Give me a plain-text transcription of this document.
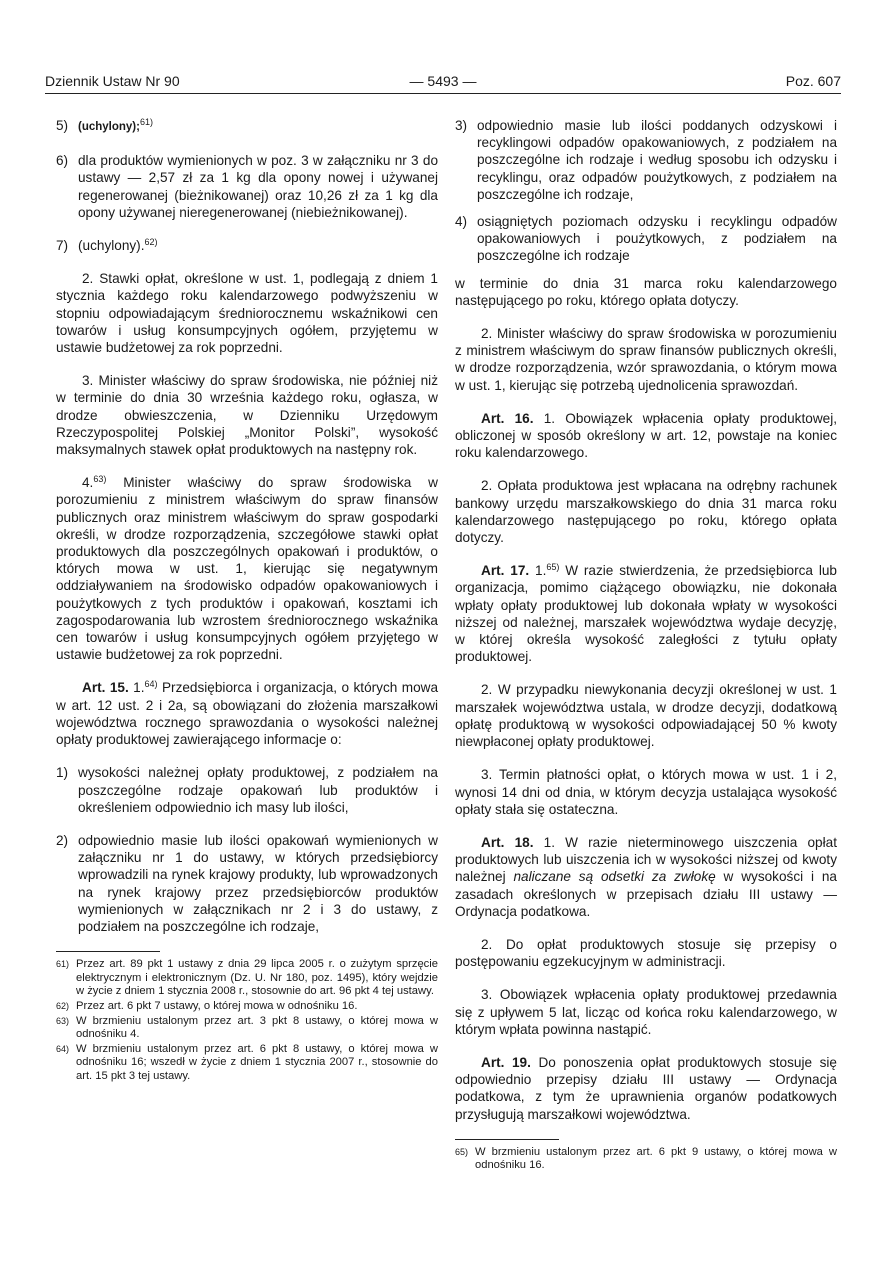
Dziennik Ustaw Nr 90	— 5493 —	Poz. 607
5) (uchylony);$^{61)}$
6) dla produktów wymienionych w poz. 3 w załączniku nr 3 do ustawy — 2,57 zł za 1 kg dla opony nowej i używanej regenerowanej (bieżnikowanej) oraz 10,26 zł za 1 kg dla opony używanej nieregenerowanej (niebieżnikowanej).
7) (uchylony).$^{62)}$

2. Stawki opłat, określone w ust. 1, podlegają z dniem 1 stycznia każdego roku kalendarzowego podwyższeniu w stopniu odpowiadającym średniorocznemu wskaźnikowi cen towarów i usług konsumpcyjnych ogółem, przyjętemu w ustawie budżetowej za rok poprzedni.

3. Minister właściwy do spraw środowiska, nie później niż w terminie do dnia 30 września każdego roku, ogłasza, w drodze obwieszczenia, w Dzienniku Urzędowym Rzeczypospolitej Polskiej „Monitor Polski”, wysokość maksymalnych stawek opłat produktowych na następny rok.

4.$^{63)}$ Minister właściwy do spraw środowiska w porozumieniu z ministrem właściwym do spraw finansów publicznych oraz ministrem właściwym do spraw gospodarki określi, w drodze rozporządzenia, szczegółowe stawki opłat produktowych dla poszczególnych opakowań i produktów, o których mowa w ust. 1, kierując się negatywnym oddziaływaniem na środowisko odpadów opakowaniowych i poużytkowych z tych produktów i opakowań, kosztami ich zagospodarowania lub wzrostem średniorocznego wskaźnika cen towarów i usług konsumpcyjnych ogółem przyjętego w ustawie budżetowej za rok poprzedni.

Art. 15. 1.$^{64)}$ Przedsiębiorca i organizacja, o których mowa w art. 12 ust. 2 i 2a, są obowiązani do złożenia marszałkowi województwa rocznego sprawozdania o wysokości należnej opłaty produktowej zawierającego informacje o:

1) wysokości należnej opłaty produktowej, z podziałem na poszczególne rodzaje opakowań lub produktów i określeniem odpowiednio ich masy lub ilości,
2) odpowiednio masie lub ilości opakowań wymienionych w załączniku nr 1 do ustawy, w których przedsiębiorcy wprowadzili na rynek krajowy produkty, lub wprowadzonych na rynek krajowy przez przedsiębiorców produktów wymienionych w załącznikach nr 2 i 3 do ustawy, z podziałem na poszczególne ich rodzaje,
61) Przez art. 89 pkt 1 ustawy z dnia 29 lipca 2005 r. o zużytym sprzęcie elektrycznym i elektronicznym (Dz. U. Nr 180, poz. 1495), który wejdzie w życie z dniem 1 stycznia 2008 r., stosownie do art. 96 pkt 4 tej ustawy.
62) Przez art. 6 pkt 7 ustawy, o której mowa w odnośniku 16.
63) W brzmieniu ustalonym przez art. 3 pkt 8 ustawy, o której mowa w odnośniku 4.
64) W brzmieniu ustalonym przez art. 6 pkt 8 ustawy, o której mowa w odnośniku 16; wszedł w życie z dniem 1 stycznia 2007 r., stosownie do art. 15 pkt 3 tej ustawy.
3) odpowiednio masie lub ilości poddanych odzyskowi i recyklingowi odpadów opakowaniowych, z podziałem na poszczególne ich rodzaje i według sposobu ich odzysku i recyklingu, oraz odpadów poużytkowych, z podziałem na poszczególne ich rodzaje,
4) osiągniętych poziomach odzysku i recyklingu odpadów opakowaniowych i poużytkowych, z podziałem na poszczególne ich rodzaje

w terminie do dnia 31 marca roku kalendarzowego następującego po roku, którego opłata dotyczy.

2. Minister właściwy do spraw środowiska w porozumieniu z ministrem właściwym do spraw finansów publicznych określi, w drodze rozporządzenia, wzór sprawozdania, o którym mowa w ust. 1, kierując się potrzebą ujednolicenia sprawozdań.

Art. 16. 1. Obowiązek wpłacenia opłaty produktowej, obliczonej w sposób określony w art. 12, powstaje na koniec roku kalendarzowego.

2. Opłata produktowa jest wpłacana na odrębny rachunek bankowy urzędu marszałkowskiego do dnia 31 marca roku kalendarzowego następującego po roku, którego opłata dotyczy.

Art. 17. 1.$^{65)}$ W razie stwierdzenia, że przedsiębiorca lub organizacja, pomimo ciążącego obowiązku, nie dokonała wpłaty opłaty produktowej lub dokonała wpłaty w wysokości niższej od należnej, marszałek województwa wydaje decyzję, w której określa wysokość zaległości z tytułu opłaty produktowej.

2. W przypadku niewykonania decyzji określonej w ust. 1 marszałek województwa ustala, w drodze decyzji, dodatkową opłatę produktową w wysokości odpowiadającej 50 % kwoty niewpłaconej opłaty produktowej.

3. Termin płatności opłat, o których mowa w ust. 1 i 2, wynosi 14 dni od dnia, w którym decyzja ustalająca wysokość opłaty stała się ostateczna.

Art. 18. 1. W razie nieterminowego uiszczenia opłat produktowych lub uiszczenia ich w wysokości niższej od kwoty należnej naliczane są odsetki za zwłokę w wysokości i na zasadach określonych w przepisach działu III ustawy — Ordynacja podatkowa.

2. Do opłat produktowych stosuje się przepisy o postępowaniu egzekucyjnym w administracji.

3. Obowiązek wpłacenia opłaty produktowej przedawnia się z upływem 5 lat, licząc od końca roku kalendarzowego, w którym wpłata powinna nastąpić.

Art. 19. Do ponoszenia opłat produktowych stosuje się odpowiednio przepisy działu III ustawy — Ordynacja podatkowa, z tym że uprawnienia organów podatkowych przysługują marszałkowi województwa.

65) W brzmieniu ustalonym przez art. 6 pkt 9 ustawy, o której mowa w odnośniku 16.
